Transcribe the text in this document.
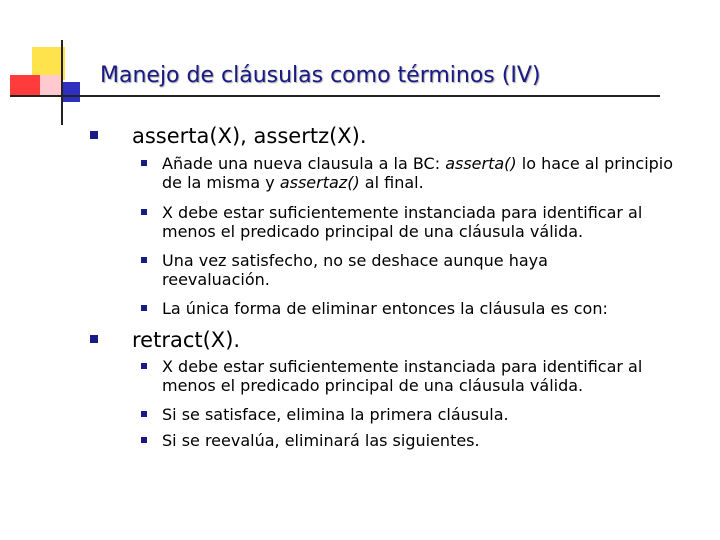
Manejo de cláusulas como términos (IV)
asserta(X), assertz(X).
Añade una nueva clausula a la BC: asserta() lo hace al principio de la misma y assertaz() al final.
X debe estar suficientemente instanciada para identificar al menos el predicado principal de una cláusula válida.
Una vez satisfecho, no se deshace aunque haya reevaluación.
La única forma de eliminar entonces la cláusula es con:
retract(X).
X debe estar suficientemente instanciada para identificar al menos el predicado principal de una cláusula válida.
Si se satisface, elimina la primera cláusula.
Si se reevalúa, eliminará las siguientes.
